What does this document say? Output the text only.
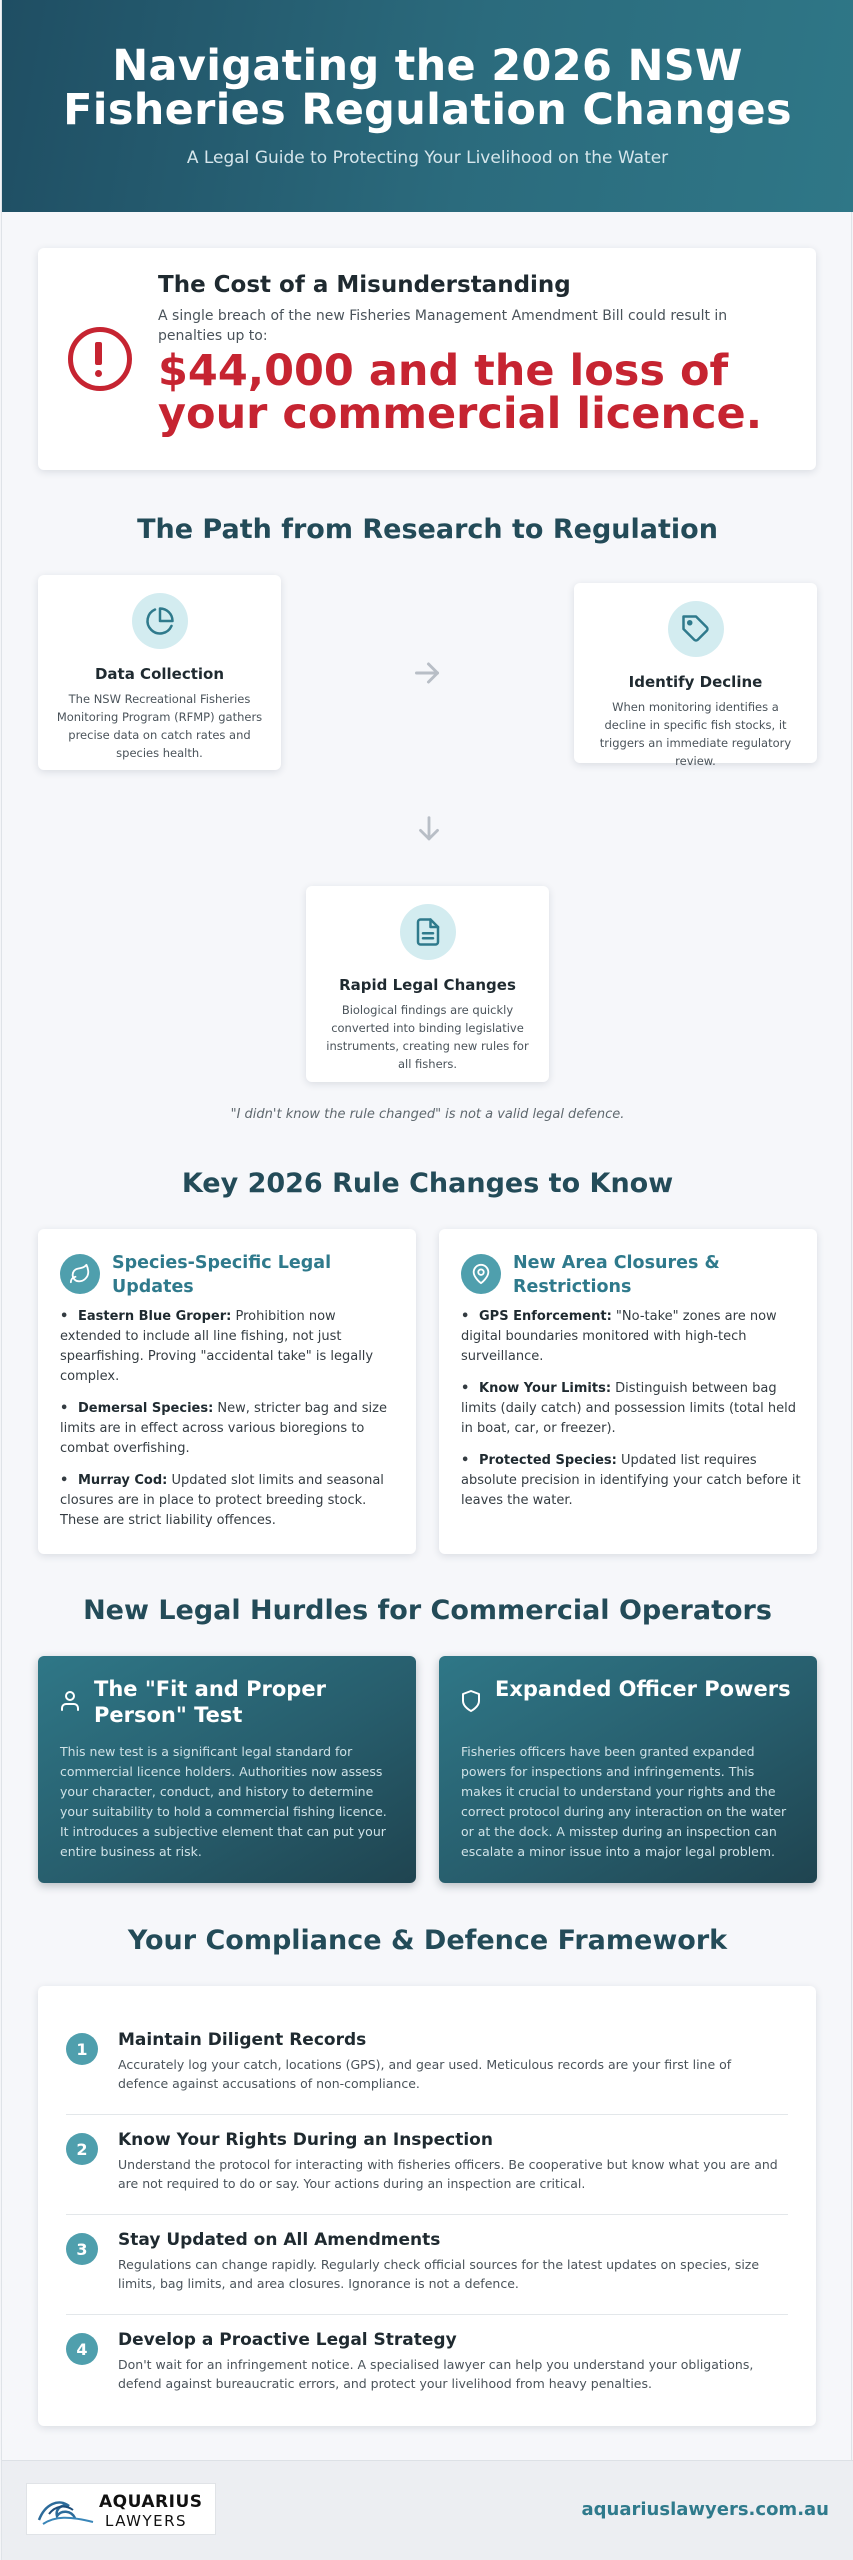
Navigating the 2026 NSW Fisheries Regulation Changes

A Legal Guide to Protecting Your Livelihood on the Water

The Cost of a Misunderstanding

A single breach of the new Fisheries Management Amendment Bill could result in penalties up to:

$44,000 and the loss of your commercial licence.
The Path from Research to Regulation
Data Collection

The NSW Recreational Fisheries Monitoring Program (RFMP) gathers precise data on catch rates and species health.

Identify Decline

When monitoring identifies a decline in specific fish stocks, it triggers an immediate regulatory review.

Rapid Legal Changes

Biological findings are quickly converted into binding legislative instruments, creating new rules for all fishers.

"I didn't know the rule changed" is not a valid legal defence.

Key 2026 Rule Changes to Know
Species-Specific Legal Updates
• Eastern Blue Groper: Prohibition now extended to include all line fishing, not just spearfishing. Proving "accidental take" is legally complex.
• Demersal Species: New, stricter bag and size limits are in effect across various bioregions to combat overfishing.
• Murray Cod: Updated slot limits and seasonal closures are in place to protect breeding stock. These are strict liability offences.
New Area Closures & Restrictions
• GPS Enforcement: "No-take" zones are now digital boundaries monitored with high-tech surveillance.
• Know Your Limits: Distinguish between bag limits (daily catch) and possession limits (total held in boat, car, or freezer).
• Protected Species: Updated list requires absolute precision in identifying your catch before it leaves the water.
New Legal Hurdles for Commercial Operators
The "Fit and Proper Person" Test

This new test is a significant legal standard for commercial licence holders. Authorities now assess your character, conduct, and history to determine your suitability to hold a commercial fishing licence. It introduces a subjective element that can put your entire business at risk.

Expanded Officer Powers

Fisheries officers have been granted expanded powers for inspections and infringements. This makes it crucial to understand your rights and the correct protocol during any interaction on the water or at the dock. A misstep during an inspection can escalate a minor issue into a major legal problem.

Your Compliance & Defence Framework
1	Maintain Diligent Records

Accurately log your catch, locations (GPS), and gear used. Meticulous records are your first line of defence against accusations of non-compliance.

2	Know Your Rights During an Inspection

Understand the protocol for interacting with fisheries officers. Be cooperative but know what you are and are not required to do or say. Your actions during an inspection are critical.

3	Stay Updated on All Amendments

Regulations can change rapidly. Regularly check official sources for the latest updates on species, size limits, bag limits, and area closures. Ignorance is not a defence.

4	Develop a Proactive Legal Strategy

Don't wait for an infringement notice. A specialised lawyer can help you understand your obligations, defend against bureaucratic errors, and protect your livelihood from heavy penalties.

AQUARIUS
LAWYERS
aquariuslawyers.com.au
